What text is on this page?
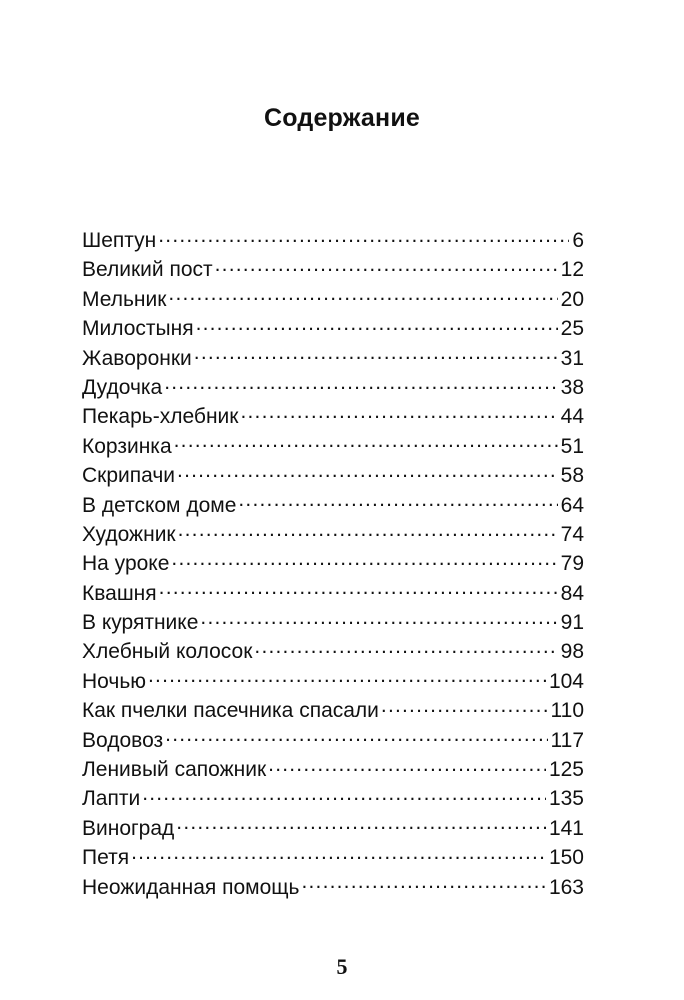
Содержание
Шептун .....	6
Великий пост .....	12
Мельник .....	20
Милостыня .....	25
Жаворонки .....	31
Дудочка .....	38
Пекарь-хлебник .....	44
Корзинка .....	51
Скрипачи .....	58
В детском доме .....	64
Художник .....	74
На уроке .....	79
Квашня .....	84
В курятнике .....	91
Хлебный колосок .....	98
Ночью .....	104
Как пчелки пасечника спасали .....	110
Водовоз .....	117
Ленивый сапожник .....	125
Лапти .....	135
Виноград .....	141
Петя .....	150
Неожиданная помощь .....	163
5
